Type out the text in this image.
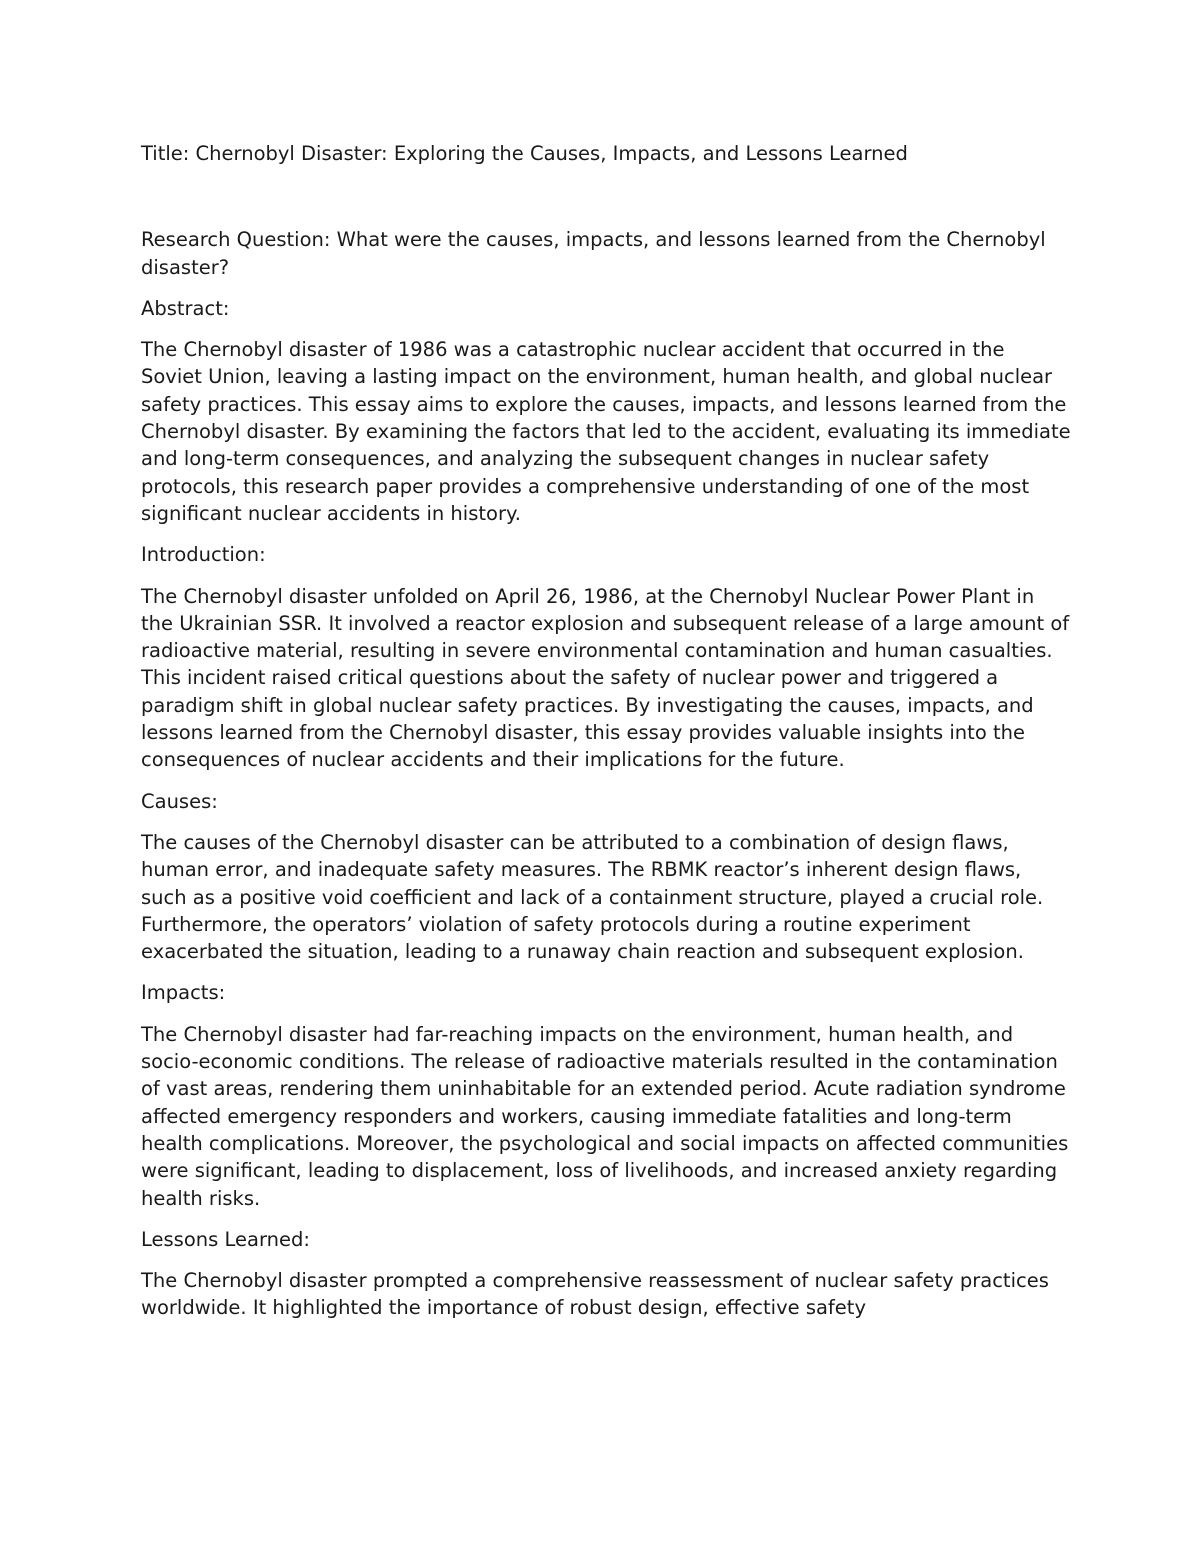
Title: Chernobyl Disaster: Exploring the Causes, Impacts, and Lessons Learned

Research Question: What were the causes, impacts, and lessons learned from the Chernobyl disaster?

Abstract:

The Chernobyl disaster of 1986 was a catastrophic nuclear accident that occurred in the Soviet Union, leaving a lasting impact on the environment, human health, and global nuclear safety practices. This essay aims to explore the causes, impacts, and lessons learned from the Chernobyl disaster. By examining the factors that led to the accident, evaluating its immediate and long-term consequences, and analyzing the subsequent changes in nuclear safety protocols, this research paper provides a comprehensive understanding of one of the most significant nuclear accidents in history.

Introduction:

The Chernobyl disaster unfolded on April 26, 1986, at the Chernobyl Nuclear Power Plant in the Ukrainian SSR. It involved a reactor explosion and subsequent release of a large amount of radioactive material, resulting in severe environmental contamination and human casualties. This incident raised critical questions about the safety of nuclear power and triggered a paradigm shift in global nuclear safety practices. By investigating the causes, impacts, and lessons learned from the Chernobyl disaster, this essay provides valuable insights into the consequences of nuclear accidents and their implications for the future.

Causes:

The causes of the Chernobyl disaster can be attributed to a combination of design flaws, human error, and inadequate safety measures. The RBMK reactor’s inherent design flaws, such as a positive void coefficient and lack of a containment structure, played a crucial role. Furthermore, the operators’ violation of safety protocols during a routine experiment exacerbated the situation, leading to a runaway chain reaction and subsequent explosion.

Impacts:

The Chernobyl disaster had far-reaching impacts on the environment, human health, and socio-economic conditions. The release of radioactive materials resulted in the contamination of vast areas, rendering them uninhabitable for an extended period. Acute radiation syndrome affected emergency responders and workers, causing immediate fatalities and long-term health complications. Moreover, the psychological and social impacts on affected communities were significant, leading to displacement, loss of livelihoods, and increased anxiety regarding health risks.

Lessons Learned:

The Chernobyl disaster prompted a comprehensive reassessment of nuclear safety practices worldwide. It highlighted the importance of robust design, effective safety
